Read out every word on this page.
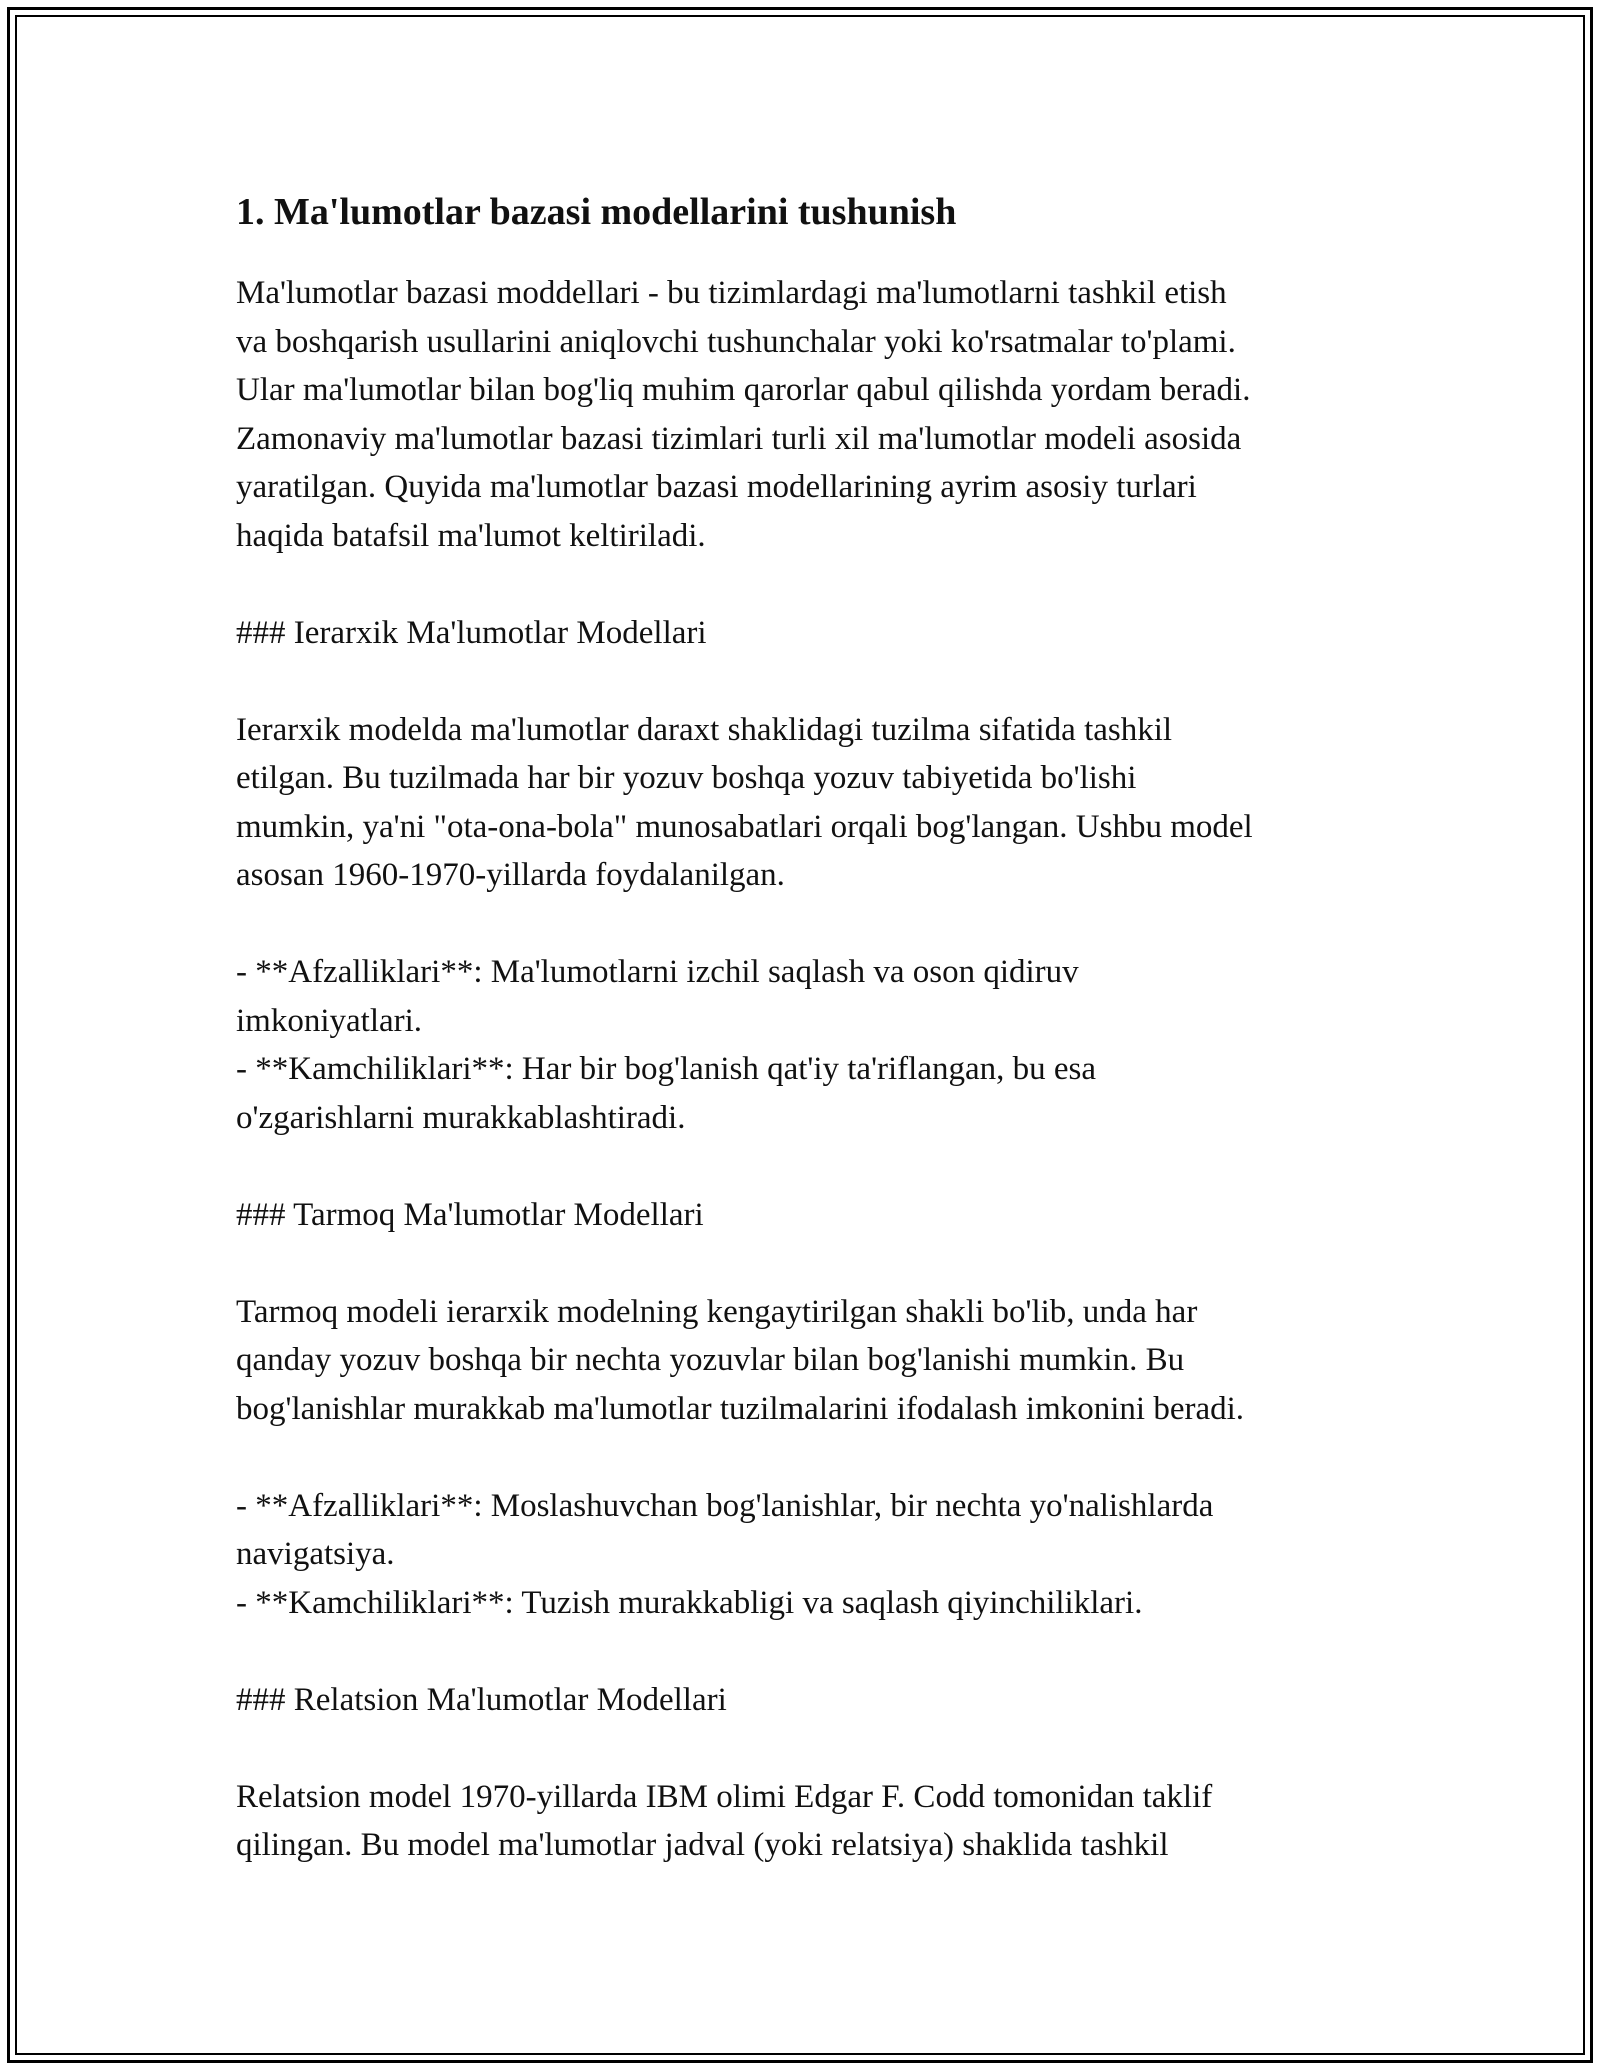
1. Ma'lumotlar bazasi modellarini tushunish

Ma'lumotlar bazasi moddellari - bu tizimlardagi ma'lumotlarni tashkil etish
va boshqarish usullarini aniqlovchi tushunchalar yoki ko'rsatmalar to'plami.
Ular ma'lumotlar bilan bog'liq muhim qarorlar qabul qilishda yordam beradi.
Zamonaviy ma'lumotlar bazasi tizimlari turli xil ma'lumotlar modeli asosida
yaratilgan. Quyida ma'lumotlar bazasi modellarining ayrim asosiy turlari
haqida batafsil ma'lumot keltiriladi.

### Ierarxik Ma'lumotlar Modellari

Ierarxik modelda ma'lumotlar daraxt shaklidagi tuzilma sifatida tashkil
etilgan. Bu tuzilmada har bir yozuv boshqa yozuv tabiyetida bo'lishi
mumkin, ya'ni "ota-ona-bola" munosabatlari orqali bog'langan. Ushbu model
asosan 1960-1970-yillarda foydalanilgan.

- **Afzalliklari**: Ma'lumotlarni izchil saqlash va oson qidiruv
imkoniyatlari.
- **Kamchiliklari**: Har bir bog'lanish qat'iy ta'riflangan, bu esa
o'zgarishlarni murakkablashtiradi.

### Tarmoq Ma'lumotlar Modellari

Tarmoq modeli ierarxik modelning kengaytirilgan shakli bo'lib, unda har
qanday yozuv boshqa bir nechta yozuvlar bilan bog'lanishi mumkin. Bu
bog'lanishlar murakkab ma'lumotlar tuzilmalarini ifodalash imkonini beradi.

- **Afzalliklari**: Moslashuvchan bog'lanishlar, bir nechta yo'nalishlarda
navigatsiya.
- **Kamchiliklari**: Tuzish murakkabligi va saqlash qiyinchiliklari.

### Relatsion Ma'lumotlar Modellari

Relatsion model 1970-yillarda IBM olimi Edgar F. Codd tomonidan taklif
qilingan. Bu model ma'lumotlar jadval (yoki relatsiya) shaklida tashkil
